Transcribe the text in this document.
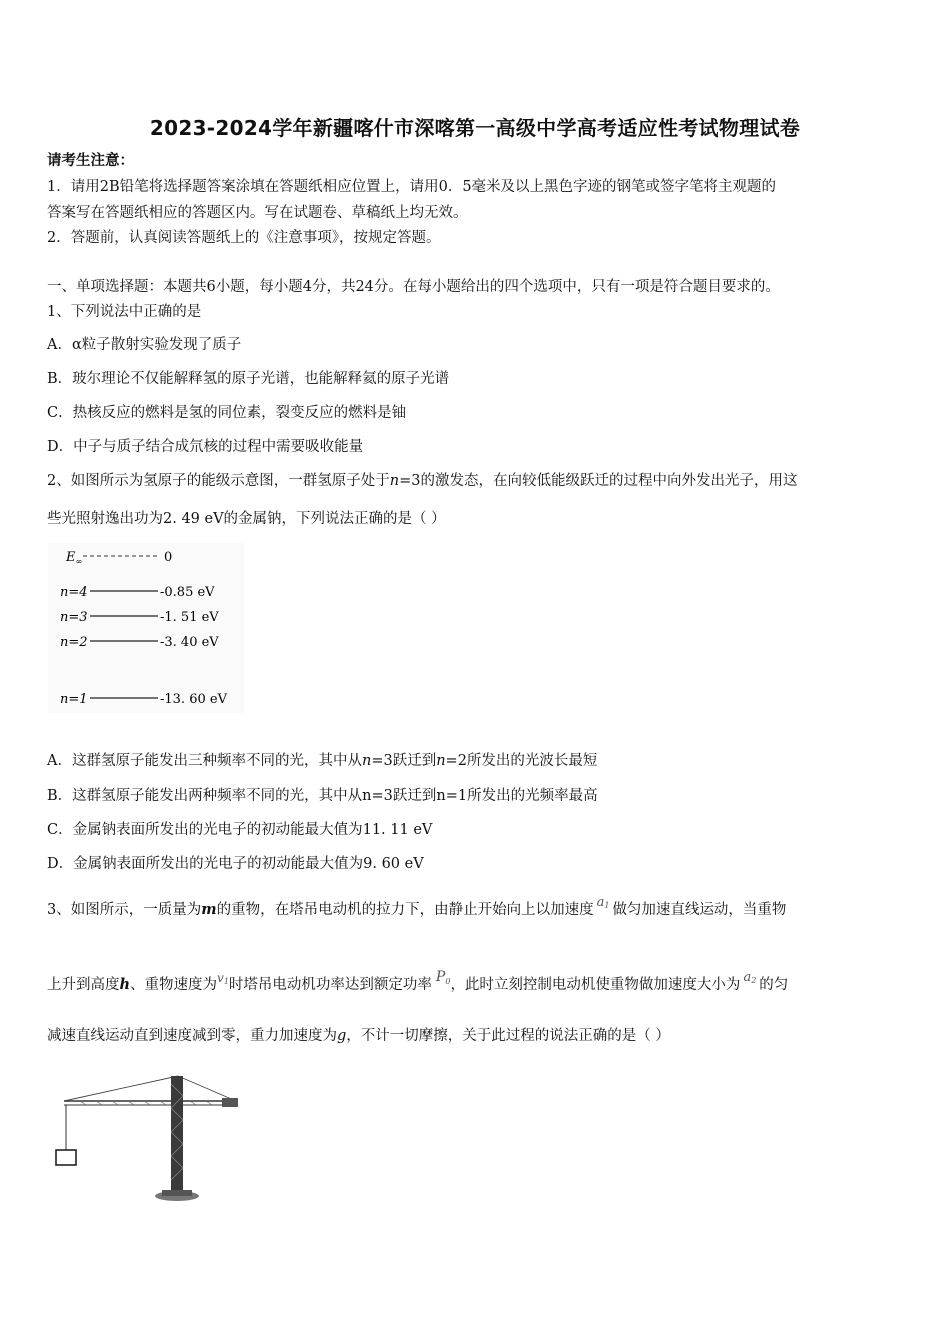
2023-2024学年新疆喀什市深喀第一高级中学高考适应性考试物理试卷
请考生注意：
1．请用2B铅笔将选择题答案涂填在答题纸相应位置上，请用0．5毫米及以上黑色字迹的钢笔或签字笔将主观题的
答案写在答题纸相应的答题区内。写在试题卷、草稿纸上均无效。
2．答题前，认真阅读答题纸上的《注意事项》，按规定答题。
一、单项选择题：本题共6小题，每小题4分，共24分。在每小题给出的四个选项中，只有一项是符合题目要求的。
1、下列说法中正确的是
A．α粒子散射实验发现了质子
B．玻尔理论不仅能解释氢的原子光谱，也能解释氦的原子光谱
C．热核反应的燃料是氢的同位素，裂变反应的燃料是铀
D．中子与质子结合成氘核的过程中需要吸收能量
2、如图所示为氢原子的能级示意图，一群氢原子处于n=3的激发态，在向较低能级跃迁的过程中向外发出光子，用这
些光照射逸出功为2. 49 eV的金属钠，下列说法正确的是（ ）
$E_\infty$	0
n=4	-0.85 eV
n=3	-1. 51 eV
n=2	-3. 40 eV
n=1	-13. 60 eV
A．这群氢原子能发出三种频率不同的光，其中从n=3跃迁到n=2所发出的光波长最短
B．这群氢原子能发出两种频率不同的光，其中从n=3跃迁到n=1所发出的光频率最高
C．金属钠表面所发出的光电子的初动能最大值为11. 11 eV
D．金属钠表面所发出的光电子的初动能最大值为9. 60 eV
3、如图所示，一质量为m的重物，在塔吊电动机的拉力下，由静止开始向上以加速度 $a^1$ 做匀加速直线运动，当重物
上升到高度h、重物速度为$^{v1}$时塔吊电动机功率达到额定功率 $P^0$，此时立刻控制电动机使重物做加速度大小为 $a^2$ 的匀
减速直线运动直到速度减到零，重力加速度为g，不计一切摩擦，关于此过程的说法正确的是（ ）
